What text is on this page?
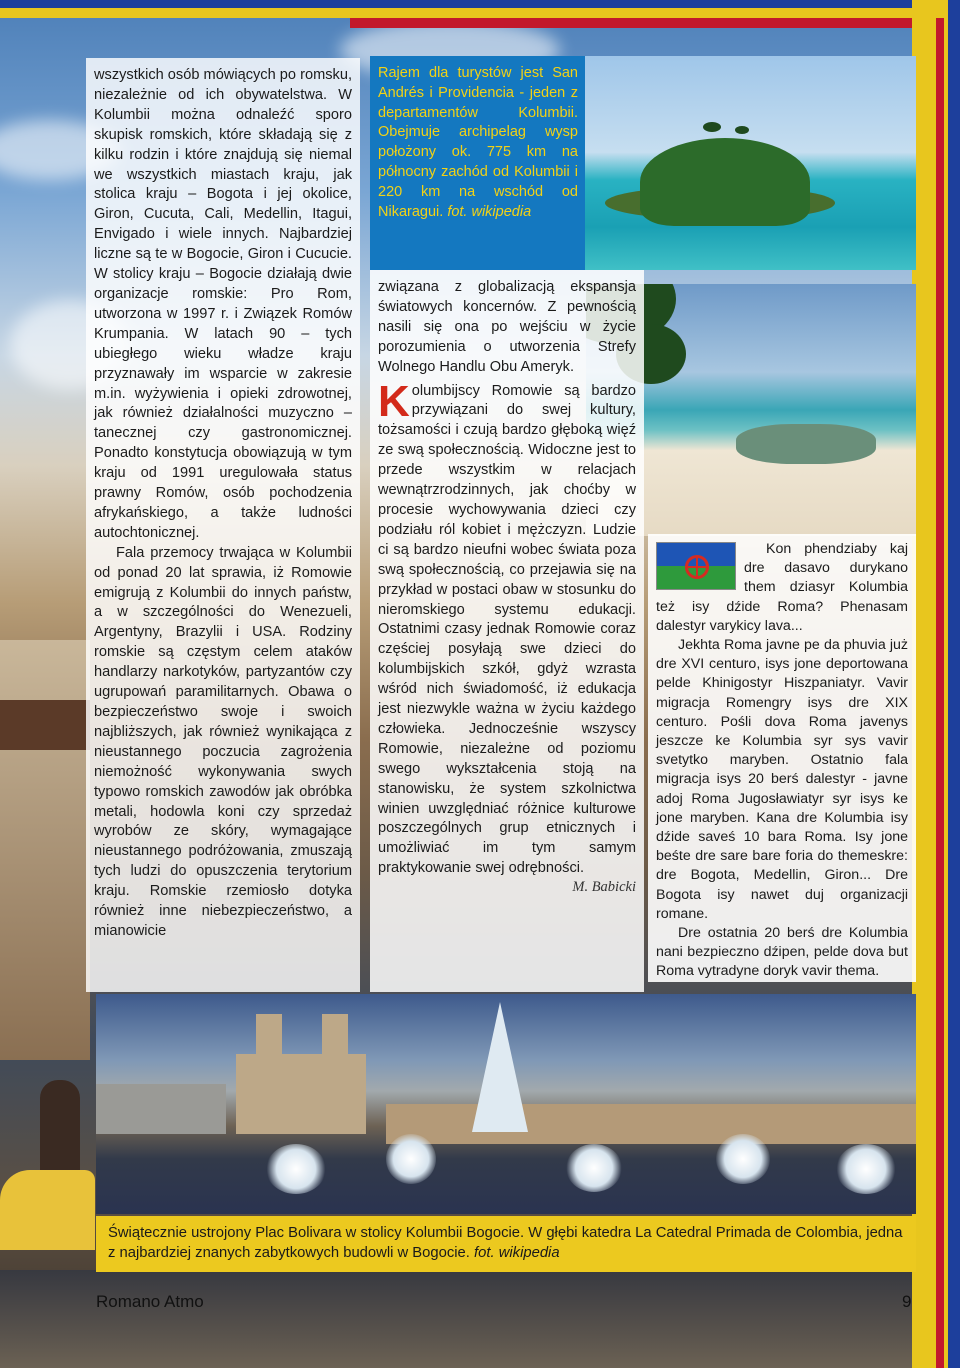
wszystkich osób mówiących po romsku, niezależnie od ich obywatelstwa. W Kolumbii można odnaleźć sporo skupisk romskich, które składają się z kilku rodzin i które znajdują się niemal we wszystkich miastach kraju, jak stolica kraju – Bogota i jej okolice, Giron, Cucuta, Cali, Medellin, Itagui, Envigado i wiele innych. Najbardziej liczne są te w Bogocie, Giron i Cucucie. W stolicy kraju – Bogocie działają dwie organizacje romskie: Pro Rom, utworzona w 1997 r. i Związek Romów Krumpania. W latach 90 – tych ubiegłego wieku władze kraju przyznawały im wsparcie w zakresie m.in. wyżywienia i opieki zdrowotnej, jak również działalności muzyczno – tanecznej czy gastronomicznej. Ponadto konstytucja obowiązują w tym kraju od 1991 uregulowała status prawny Romów, osób pochodzenia afrykańskiego, a także ludności autochtonicznej.

Fala przemocy trwająca w Kolumbii od ponad 20 lat sprawia, iż Romowie emigrują z Kolumbii do innych państw, a w szczególności do Wenezueli, Argentyny, Brazylii i USA. Rodziny romskie są częstym celem ataków handlarzy narkotyków, partyzantów czy ugrupowań paramilitarnych. Obawa o bezpieczeństwo swoje i swoich najbliższych, jak również wynikająca z nieustannego poczucia zagrożenia niemożność wykonywania swych typowo romskich zawodów jak obróbka metali, hodowla koni czy sprzedaż wyrobów ze skóry, wymagające nieustannego podróżowania, zmuszają tych ludzi do opuszczenia terytorium kraju. Romskie rzemiosło dotyka również inne niebezpieczeństwo, a mianowicie

Rajem dla turystów jest San Andrés i Providencia - jeden z departamentów Kolumbii. Obejmuje archipelag wysp położony ok. 775 km na północny zachód od Kolumbii i 220 km na wschód od Nikaragui. fot. wikipedia

związana z globalizacją ekspansja światowych koncernów. Z pewnością nasili się ona po wejściu w życie porozumienia o utworzenia Strefy Wolnego Handlu Obu Ameryk.

Kolumbijscy Romowie są bardzo przywiązani do swej kultury, tożsamości i czują bardzo głęboką więź ze swą społecznością. Widoczne jest to przede wszystkim w relacjach wewnątrzrodzinnych, jak choćby w procesie wychowywania dzieci czy podziału ról kobiet i mężczyzn. Ludzie ci są bardzo nieufni wobec świata poza swą społecznością, co przejawia się na przykład w postaci obaw w stosunku do nieromskiego systemu edukacji. Ostatnimi czasy jednak Romowie coraz częściej posyłają swe dzieci do kolumbijskich szkół, gdyż wzrasta wśród nich świadomość, iż edukacja jest niezwykle ważna w życiu każdego człowieka. Jednocześnie wszyscy Romowie, niezależne od poziomu swego wykształcenia stoją na stanowisku, że system szkolnictwa winien uwzględniać różnice kulturowe poszczególnych grup etnicznych i umożliwiać im tym samym praktykowanie swej odrębności.

M. Babicki

Kon phendziaby kaj dre dasavo durykano them dziasyr Kolumbia też isy dźide Roma? Phenasam dalestyr varykicy lava...

Jekhta Roma javne pe da phuvia już dre XVI centuro, isys jone deportowana pelde Khinigostyr Hiszpaniatyr. Vavir migracja Romengry isys dre XIX centuro. Pośli dova Roma javenys jeszcze ke Kolumbia syr sys vavir svetytko maryben. Ostatnio fala migracja isys 20 berś dalestyr - javne adoj Roma Jugosławiatyr syr isys ke jone maryben. Kana dre Kolumbia isy dźide saveś 10 bara Roma. Isy jone beśte dre sare bare foria do themeskre: dre Bogota, Medellin, Giron... Dre Bogota isy nawet duj organizacji romane.

Dre ostatnia 20 berś dre Kolumbia nani bezpieczno dźipen, pelde dova but Roma vytradyne doryk vavir thema.

Świątecznie ustrojony Plac Bolivara w stolicy Kolumbii Bogocie. W głębi katedra La Catedral Primada de Colombia, jedna z najbardziej znanych zabytkowych budowli w Bogocie. fot. wikipedia
Romano Atmo	9
